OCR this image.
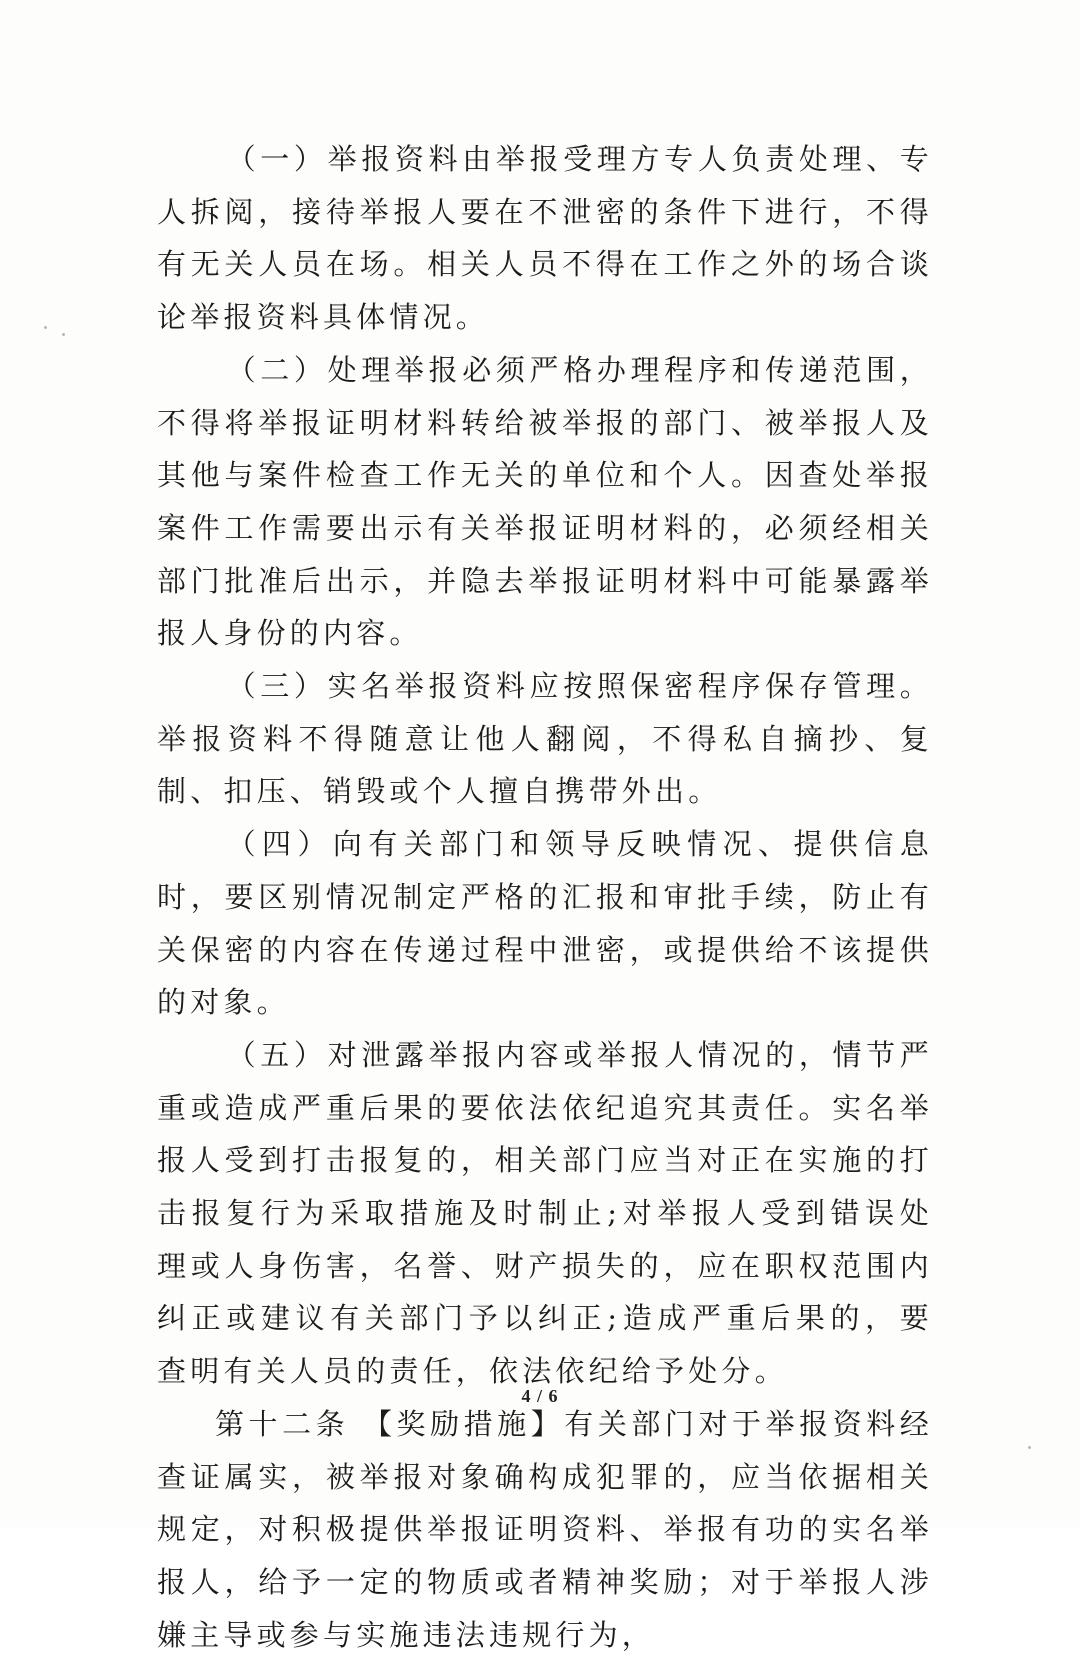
（一）举报资料由举报受理方专人负责处理、专人拆阅，接待举报人要在不泄密的条件下进行，不得有无关人员在场。相关人员不得在工作之外的场合谈论举报资料具体情况。

（二）处理举报必须严格办理程序和传递范围，不得将举报证明材料转给被举报的部门、被举报人及其他与案件检查工作无关的单位和个人。因查处举报案件工作需要出示有关举报证明材料的，必须经相关部门批准后出示，并隐去举报证明材料中可能暴露举报人身份的内容。

（三）实名举报资料应按照保密程序保存管理。举报资料不得随意让他人翻阅，不得私自摘抄、复制、扣压、销毁或个人擅自携带外出。

（四）向有关部门和领导反映情况、提供信息时，要区别情况制定严格的汇报和审批手续，防止有关保密的内容在传递过程中泄密，或提供给不该提供的对象。

（五）对泄露举报内容或举报人情况的，情节严重或造成严重后果的要依法依纪追究其责任。实名举报人受到打击报复的，相关部门应当对正在实施的打击报复行为采取措施及时制止;对举报人受到错误处理或人身伤害，名誉、财产损失的，应在职权范围内纠正或建议有关部门予以纠正;造成严重后果的，要查明有关人员的责任，依法依纪给予处分。

第十二条 【奖励措施】有关部门对于举报资料经查证属实，被举报对象确构成犯罪的，应当依据相关规定，对积极提供举报证明资料、举报有功的实名举报人，给予一定的物质或者精神奖励；对于举报人涉嫌主导或参与实施违法违规行为，

4 / 6
